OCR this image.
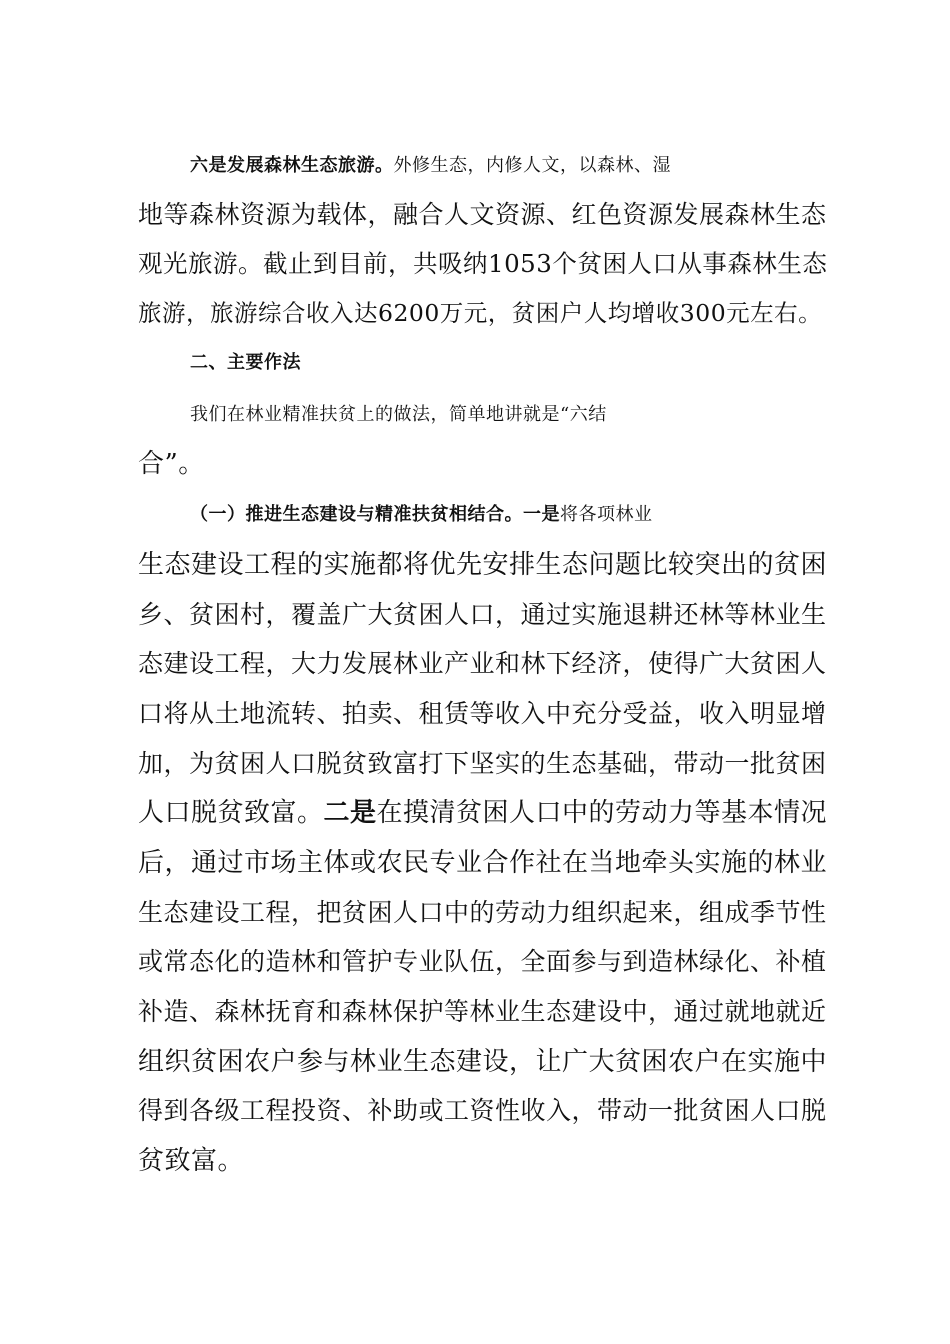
六是发展森林生态旅游。外修生态，内修人文，以森林、湿
地等森林资源为载体，融合人文资源、红色资源发展森林生态
观光旅游。截止到目前，共吸纳1053个贫困人口从事森林生态
旅游，旅游综合收入达6200万元，贫困户人均增收300元左右。
二、主要作法
我们在林业精准扶贫上的做法，简单地讲就是“六结
合”。
（一）推进生态建设与精准扶贫相结合。一是将各项林业
生态建设工程的实施都将优先安排生态问题比较突出的贫困
乡、贫困村，覆盖广大贫困人口，通过实施退耕还林等林业生
态建设工程，大力发展林业产业和林下经济，使得广大贫困人
口将从土地流转、拍卖、租赁等收入中充分受益，收入明显增
加，为贫困人口脱贫致富打下坚实的生态基础，带动一批贫困
人口脱贫致富。二是在摸清贫困人口中的劳动力等基本情况
后，通过市场主体或农民专业合作社在当地牵头实施的林业
生态建设工程，把贫困人口中的劳动力组织起来，组成季节性
或常态化的造林和管护专业队伍，全面参与到造林绿化、补植
补造、森林抚育和森林保护等林业生态建设中，通过就地就近
组织贫困农户参与林业生态建设，让广大贫困农户在实施中
得到各级工程投资、补助或工资性收入，带动一批贫困人口脱
贫致富。
